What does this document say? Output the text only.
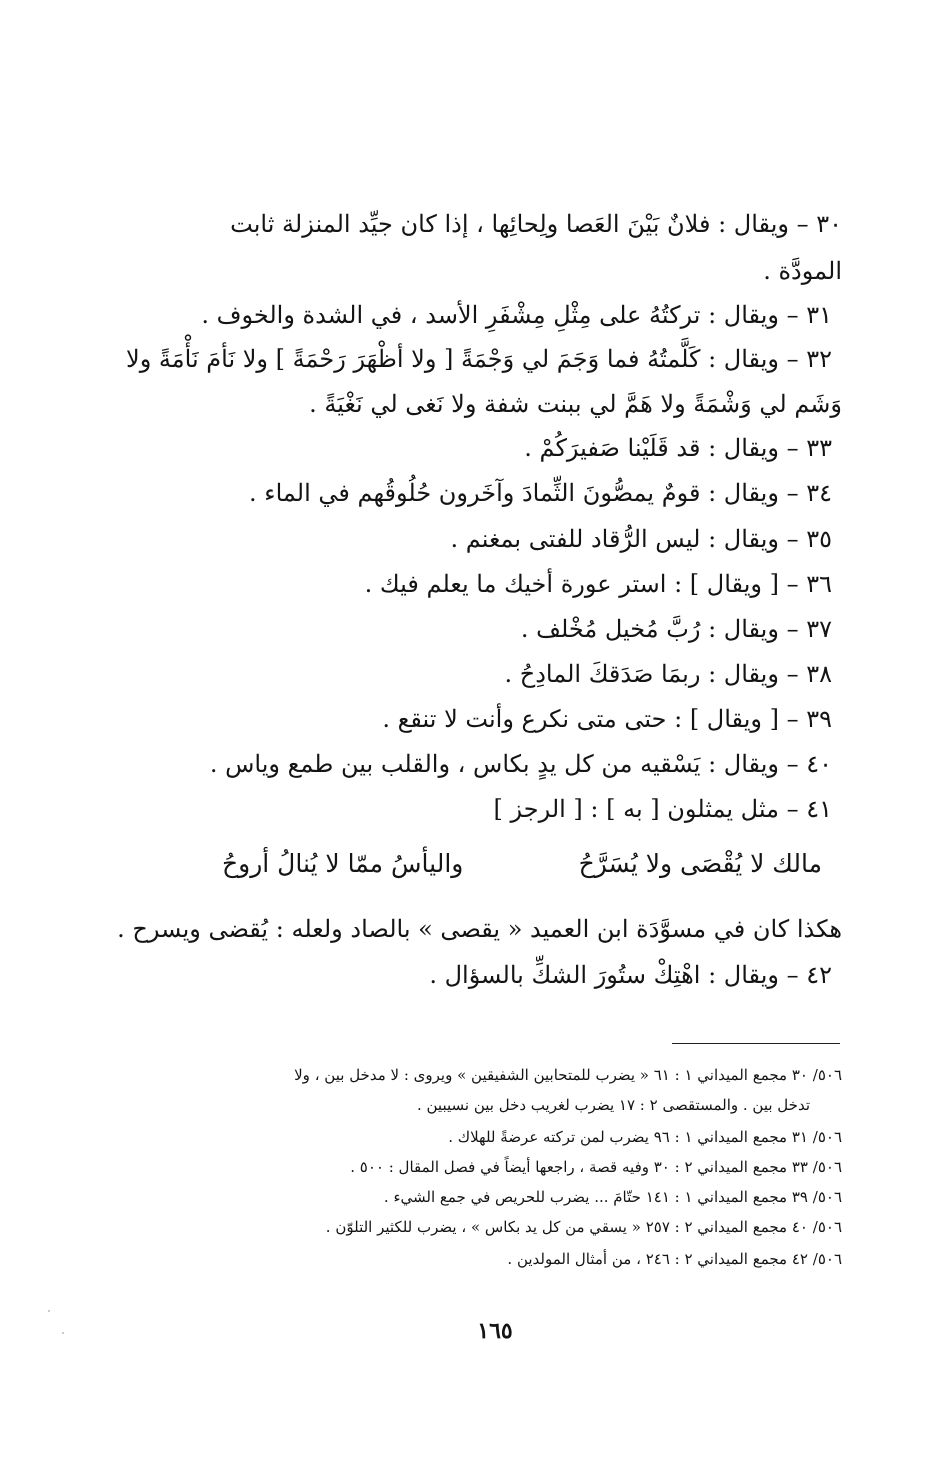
٣٠ – ويقال : فلانٌ بَيْنَ العَصا ولِحائِها ، إذا كان جيِّد المنزلة ثابت
المودَّة .
٣١ – ويقال : تركتُهُ على مِثْلِ مِشْفَرِ الأسد ، في الشدة والخوف .
٣٢ – ويقال : كَلَّمتُهُ فما وَجَمَ لي وَجْمَةً [ ولا أظْهَرَ رَحْمَةً ] ولا نَأمَ نَأْمَةً ولا
وَشَم لي وَشْمَةً ولا هَمَّ لي ببنت شفة ولا نَغى لي نَغْيَةً .
٣٣ – ويقال : قد قَلَيْنا صَفيرَكُمْ .
٣٤ – ويقال : قومٌ يمصُّونَ الثِّمادَ وآخَرون حُلُوقُهم في الماء .
٣٥ – ويقال : ليس الرُّقاد للفتى بمغنم .
٣٦ – [ ويقال ] : استر عورة أخيك ما يعلم فيك .
٣٧ – ويقال : رُبَّ مُخيل مُخْلف .
٣٨ – ويقال : ربمَا صَدَقكَ المادِحُ .
٣٩ – [ ويقال ] : حتى متى نكرع وأنت لا تنقع .
٤٠ – ويقال : يَسْقيه من كل يدٍ بكاس ، والقلب بين طمع وياس .
٤١ – مثل يمثلون [ به ] : [ الرجز ]
مالك لا يُقْصَى ولا يُسَرَّحُ
واليأسُ ممّا لا يُنالُ أروحُ
هكذا كان في مسوَّدَة ابن العميد « يقصى » بالصاد ولعله : يُقضى ويسرح .
٤٢ – ويقال : اهْتِكْ ستُورَ الشكِّ بالسؤال .
٥٠٦/ ٣٠ مجمع الميداني ١ : ٦١ « يضرب للمتحابين الشفيقين » ويروى : لا مدخل بين ، ولا
تدخل بين . والمستقصى ٢ : ١٧ يضرب لغريب دخل بين نسيبين .
٥٠٦/ ٣١ مجمع الميداني ١ : ٩٦ يضرب لمن تركته عرضةً للهلاك .
٥٠٦/ ٣٣ مجمع الميداني ٢ : ٣٠ وفيه قصة ، راجعها أيضاً في فصل المقال : ٥٠٠ .
٥٠٦/ ٣٩ مجمع الميداني ١ : ١٤١ حتّامَ ... يضرب للحريص في جمع الشيء .
٥٠٦/ ٤٠ مجمع الميداني ٢ : ٢٥٧ « يسقي من كل يد بكاس » ، يضرب للكثير التلوّن .
٥٠٦/ ٤٢ مجمع الميداني ٢ : ٢٤٦ ، من أمثال المولدين .
١٦٥
